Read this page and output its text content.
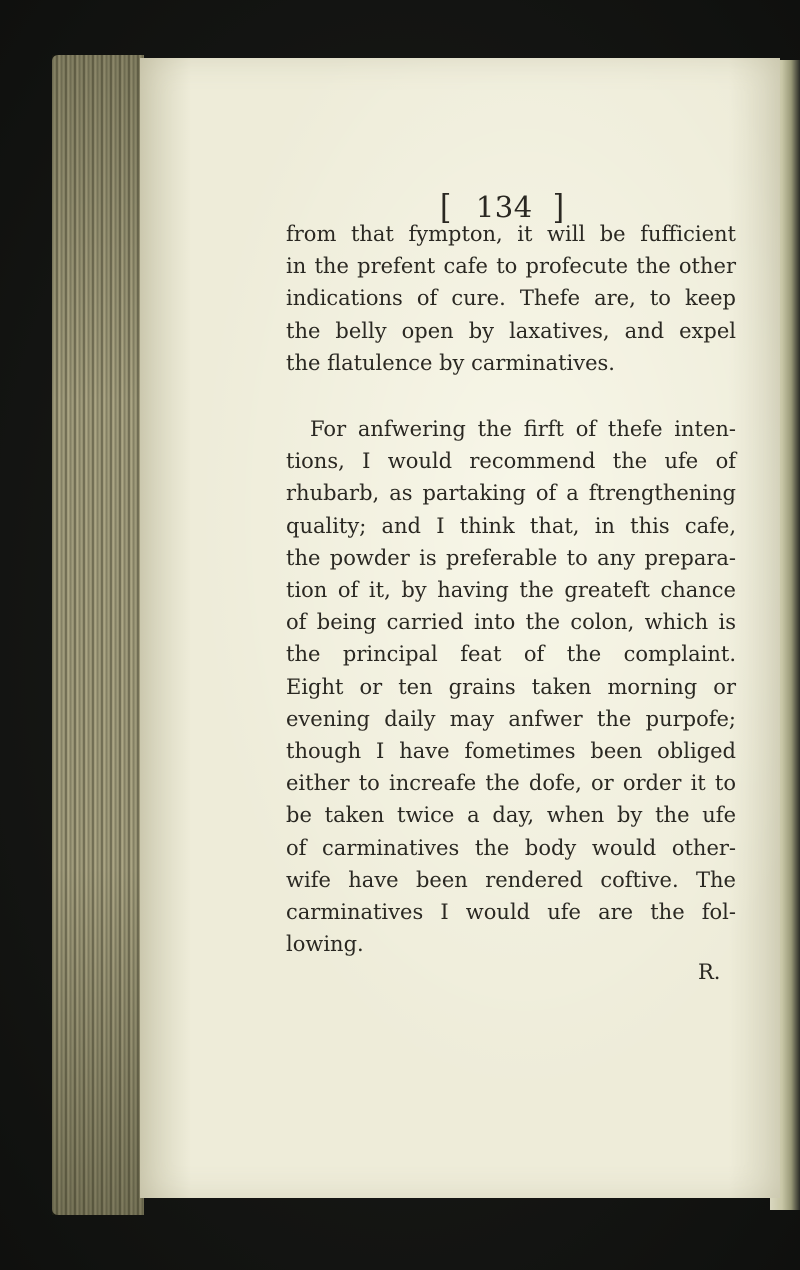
[ 134 ]
from that fympton, it will be fufficient
in the prefent cafe to profecute the other
indications of cure. Thefe are, to keep
the belly open by laxatives, and expel
the flatulence by carminatives.
For anfwering the firft of thefe inten-
tions, I would recommend the ufe of
rhubarb, as partaking of a ftrengthening
quality; and I think that, in this cafe,
the powder is preferable to any prepara-
tion of it, by having the greateft chance
of being carried into the colon, which is
the principal feat of the complaint.
Eight or ten grains taken morning or
evening daily may anfwer the purpofe;
though I have fometimes been obliged
either to increafe the dofe, or order it to
be taken twice a day, when by the ufe
of carminatives the body would other-
wife have been rendered coftive. The
carminatives I would ufe are the fol-
lowing.
R.
